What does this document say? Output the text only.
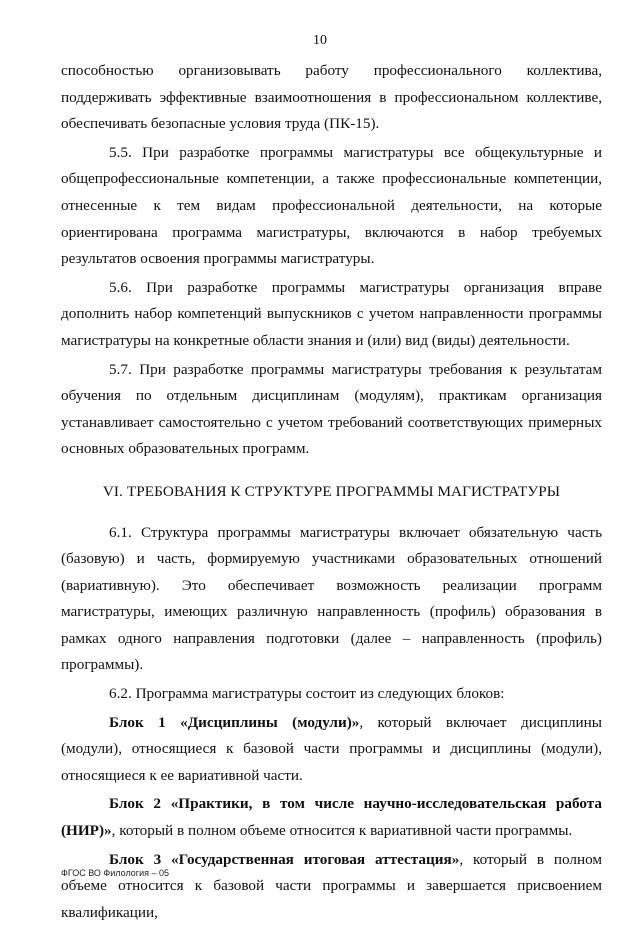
10

способностью организовывать работу профессионального коллектива, поддерживать эффективные взаимоотношения в профессиональном коллективе, обеспечивать безопасные условия труда (ПК-15).

5.5. При разработке программы магистратуры все общекультурные и общепрофессиональные компетенции, а также профессиональные компетенции, отнесенные к тем видам профессиональной деятельности, на которые ориентирована программа магистратуры, включаются в набор требуемых результатов освоения программы магистратуры.

5.6. При разработке программы магистратуры организация вправе дополнить набор компетенций выпускников с учетом направленности программы магистратуры на конкретные области знания и (или) вид (виды) деятельности.

5.7. При разработке программы магистратуры требования к результатам обучения по отдельным дисциплинам (модулям), практикам организация устанавливает самостоятельно с учетом требований соответствующих примерных основных образовательных программ.

VI. ТРЕБОВАНИЯ К СТРУКТУРЕ ПРОГРАММЫ МАГИСТРАТУРЫ

6.1. Структура программы магистратуры включает обязательную часть (базовую) и часть, формируемую участниками образовательных отношений (вариативную). Это обеспечивает возможность реализации программ магистратуры, имеющих различную направленность (профиль) образования в рамках одного направления подготовки (далее – направленность (профиль) программы).

6.2. Программа магистратуры состоит из следующих блоков:

Блок 1 «Дисциплины (модули)», который включает дисциплины (модули), относящиеся к базовой части программы и дисциплины (модули), относящиеся к ее вариативной части.

Блок 2 «Практики, в том числе научно-исследовательская работа (НИР)», который в полном объеме относится к вариативной части программы.

Блок 3 «Государственная итоговая аттестация», который в полном объеме относится к базовой части программы и завершается присвоением квалификации,

ФГОС ВО Филология – 05
